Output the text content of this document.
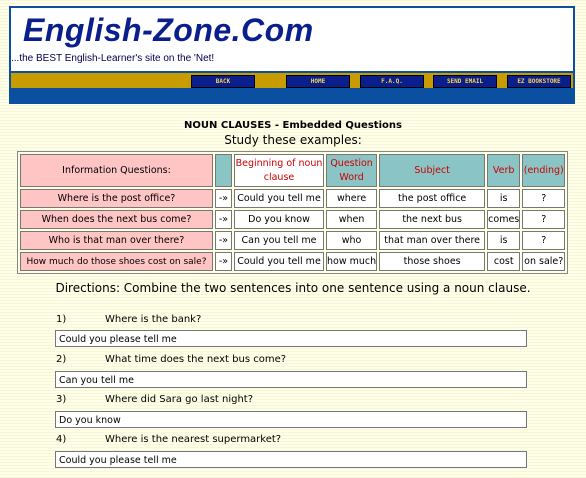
English-Zone.Com
...the BEST English-Learner's site on the 'Net!
BACK	HOME	F.A.Q.	SEND EMAIL	EZ BOOKSTORE
NOUN CLAUSES - Embedded Questions
Study these examples:
Information Questions:		Beginning of noun clause	Question Word	Subject	Verb	(ending)
Where is the post office?	-»	Could you tell me	where	the post office	is	?
When does the next bus come?	-»	Do you know	when	the next bus	comes	?
Who is that man over there?	-»	Can you tell me	who	that man over there	is	?
How much do those shoes cost on sale?	-»	Could you tell me	how much	those shoes	cost	on sale?
Directions: Combine the two sentences into one sentence using a noun clause.
1)	Where is the bank?
Could you please tell me
2)	What time does the next bus come?
Can you tell me
3)	Where did Sara go last night?
Do you know
4)	Where is the nearest supermarket?
Could you please tell me
